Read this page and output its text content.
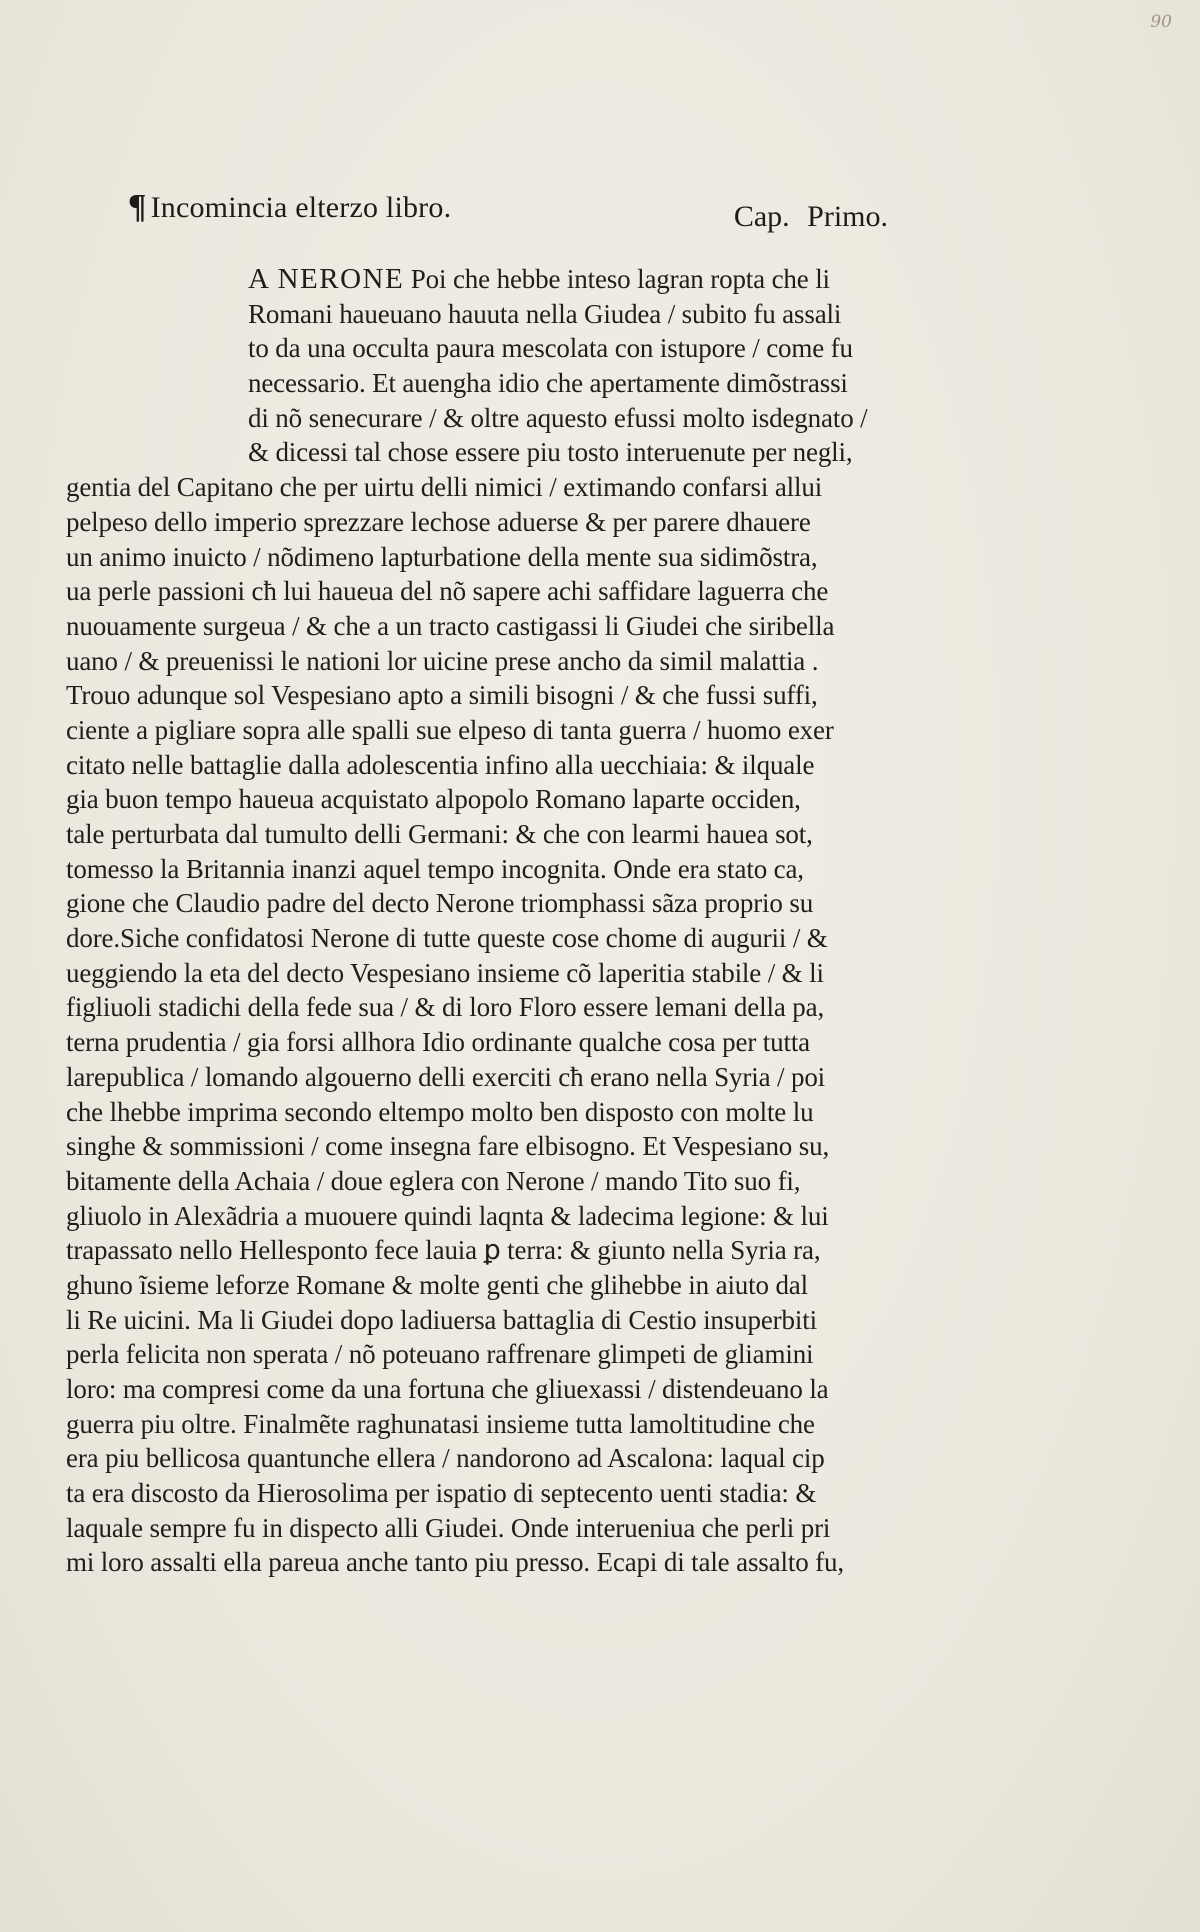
90
¶ Incomincia elterzo libro.	Cap. Primo.
A NERONE Poi che hebbe inteso lagran ropta che li
Romani haueuano hauuta nella Giudea / subito fu assali
to da una occulta paura mescolata con istupore / come fu
necessario. Et auengha idio che apertamente dimõstrassi
di nõ senecurare / & oltre aquesto efussi molto isdegnato /
& dicessi tal chose essere piu tosto interuenute per negli,
gentia del Capitano che per uirtu delli nimici / extimando confarsi allui
pelpeso dello imperio sprezzare lechose aduerse & per parere dhauere
un animo inuicto / nõdimeno lapturbatione della mente sua sidimõstra,
ua perle passioni cħ lui haueua del nõ sapere achi saffidare laguerra che
nuouamente surgeua / & che a un tracto castigassi li Giudei che siribella
uano / & preuenissi le nationi lor uicine prese ancho da simil malattia .
Trouo adunque sol Vespesiano apto a simili bisogni / & che fussi suffi,
ciente a pigliare sopra alle spalli sue elpeso di tanta guerra / huomo exer
citato nelle battaglie dalla adolescentia infino alla uecchiaia: & ilquale
gia buon tempo haueua acquistato alpopolo Romano laparte occiden,
tale perturbata dal tumulto delli Germani: & che con learmi hauea sot,
tomesso la Britannia inanzi aquel tempo incognita. Onde era stato ca,
gione che Claudio padre del decto Nerone triomphassi sãza proprio su
dore.Siche confidatosi Nerone di tutte queste cose chome di augurii / &
ueggiendo la eta del decto Vespesiano insieme cõ laperitia stabile / & li
figliuoli stadichi della fede sua / & di loro Floro essere lemani della pa,
terna prudentia / gia forsi allhora Idio ordinante qualche cosa per tutta
larepublica / lomando algouerno delli exerciti cħ erano nella Syria / poi
che lhebbe imprima secondo eltempo molto ben disposto con molte lu
singhe & sommissioni / come insegna fare elbisogno. Et Vespesiano su,
bitamente della Achaia / doue eglera con Nerone / mando Tito suo fi,
gliuolo in Alexãdria a muouere quindi laqnta & ladecima legione: & lui
trapassato nello Hellesponto fece lauia ꝑ terra: & giunto nella Syria ra,
ghuno ĩsieme leforze Romane & molte genti che glihebbe in aiuto dal
li Re uicini. Ma li Giudei dopo ladiuersa battaglia di Cestio insuperbiti
perla felicita non sperata / nõ poteuano raffrenare glimpeti de gliamini
loro: ma compresi come da una fortuna che gliuexassi / distendeuano la
guerra piu oltre. Finalmẽte raghunatasi insieme tutta lamoltitudine che
era piu bellicosa quantunche ellera / nandorono ad Ascalona: laqual cip
ta era discosto da Hierosolima per ispatio di septecento uenti stadia: &
laquale sempre fu in dispecto alli Giudei. Onde interueniua che perli pri
mi loro assalti ella pareua anche tanto piu presso. Ecapi di tale assalto fu,
